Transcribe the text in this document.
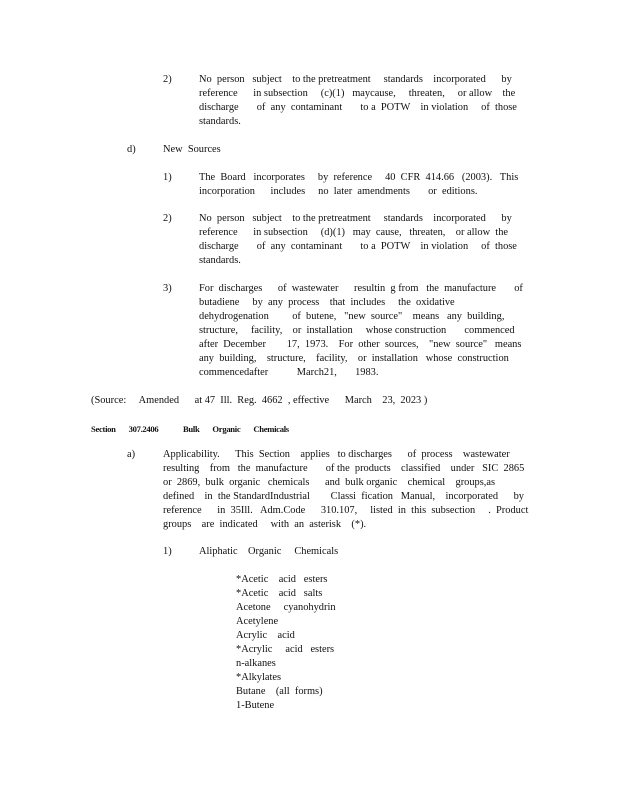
2)	No  person   subject    to the pretreatment     standards    incorporated      by
reference      in subsection     (c)(1)   maycause,     threaten,     or allow    the
discharge       of  any  contaminant       to a  POTW    in violation     of  those
standards.
d)	New  Sources
1)	The  Board   incorporates     by  reference     40  CFR  414.66   (2003).   This
incorporation      includes     no  later  amendments       or  editions.
2)	No  person   subject    to the pretreatment     standards    incorporated      by
reference      in subsection     (d)(1)   may  cause,   threaten,    or allow  the
discharge       of  any  contaminant       to a  POTW    in violation     of  those
standards.
3)	For  discharges      of  wastewater      resultin  g from   the  manufacture       of
butadiene     by  any  process    that  includes     the  oxidative
dehydrogenation         of  butene,   "new  source"    means   any  building,
structure,     facility,    or  installation     whose construction       commenced
after  December        17,  1973.    For  other  sources,    "new  source"   means
any  building,    structure,    facility,    or  installation   whose  construction
commencedafter           March21,       1983.
(Source:     Amended      at 47  Ill.  Reg.  4662  , effective      March    23,  2023 )
Section       307.2406	Bulk       Organic       Chemicals
a)	Applicability.      This  Section    applies   to discharges      of  process    wastewater
resulting    from   the  manufacture       of the  products    classified    under   SIC  2865
or  2869,  bulk  organic   chemicals      and  bulk organic    chemical    groups,as
defined    in  the StandardIndustrial        Classi  fication   Manual,    incorporated      by
reference      in  35Ill.   Adm.Code      310.107,     listed  in  this  subsection     .  Product
groups    are  indicated     with  an  asterisk    (*).
1)	Aliphatic    Organic     Chemicals
*Acetic    acid   esters
*Acetic    acid   salts
Acetone     cyanohydrin
Acetylene
Acrylic    acid
*Acrylic     acid   esters
n-alkanes
*Alkylates
Butane    (all  forms)
1-Butene
